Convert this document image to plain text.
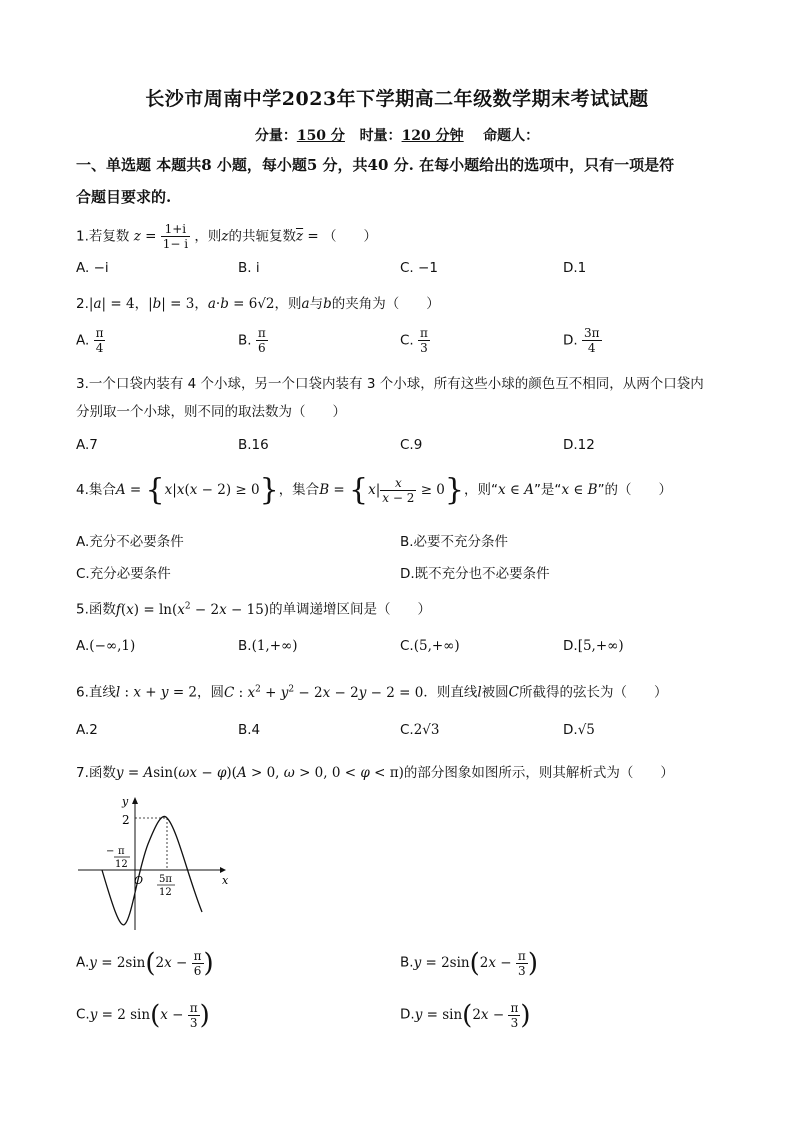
长沙市周南中学2023年下学期高二年级数学期末考试试题
分量：150 分 时量：120 分钟 命题人：
一、单选题 本题共8 小题，每小题5 分，共40 分. 在每小题给出的选项中，只有一项是符
合题目要求的.
1.若复数 $z = \frac{1+i}{1- i}$ ，则z的共轭复数$\overline{z}$ = （　　）
A. −i	B. i	C. −1	D.1
2.|a| = 4，|b| = 3，a·b = 6√2，则a与b的夹角为（　　）
A. $\frac{\pi}{4}$	B. $\frac{\pi}{6}$	C. $\frac{\pi}{3}$	D. $\frac{3\pi}{4}$
3.一个口袋内装有 4 个小球，另一个口袋内装有 3 个小球，所有这些小球的颜色互不相同，从两个口袋内
分别取一个小球，则不同的取法数为（　　）
A.7	B.16	C.9	D.12
4.集合A = {x|x(x − 2) ≥ 0}，集合$B = \{x| \frac{x}{x - 2} \ge 0\}$，则“x ∈ A”是“x ∈ B”的（　　）
A.充分不必要条件	B.必要不充分条件
C.充分必要条件	D.既不充分也不必要条件
5.函数$f(x) = \ln(x^2 - 2x - 15)$的单调递增区间是（　　）
A.(−∞,1)	B.(1,+∞)	C.(5,+∞)	D.[5,+∞)
6.直线l : x + y = 2，圆C : $x^2 + y^2 - 2x - 2y - 2 = 0$．则直线l被圆C所截得的弦长为（　　）
A.2	B.4	C.2√3	D.√5
7.函数y = Asin(ωx − φ)(A > 0, ω > 0, 0 < φ < π)的部分图象如图所示，则其解析式为（　　）
y
x
2
O
− π
12
5π
12
$A.y = 2\sin(2x - \frac{\pi}{6}$ )	$B.y = 2\sin(2x - \frac{\pi}{3}$ )
C.y = 2 $\sin(x - \frac{\pi}{3}$ )	$D.y = \sin(2x - \frac{\pi}{3}$ )
